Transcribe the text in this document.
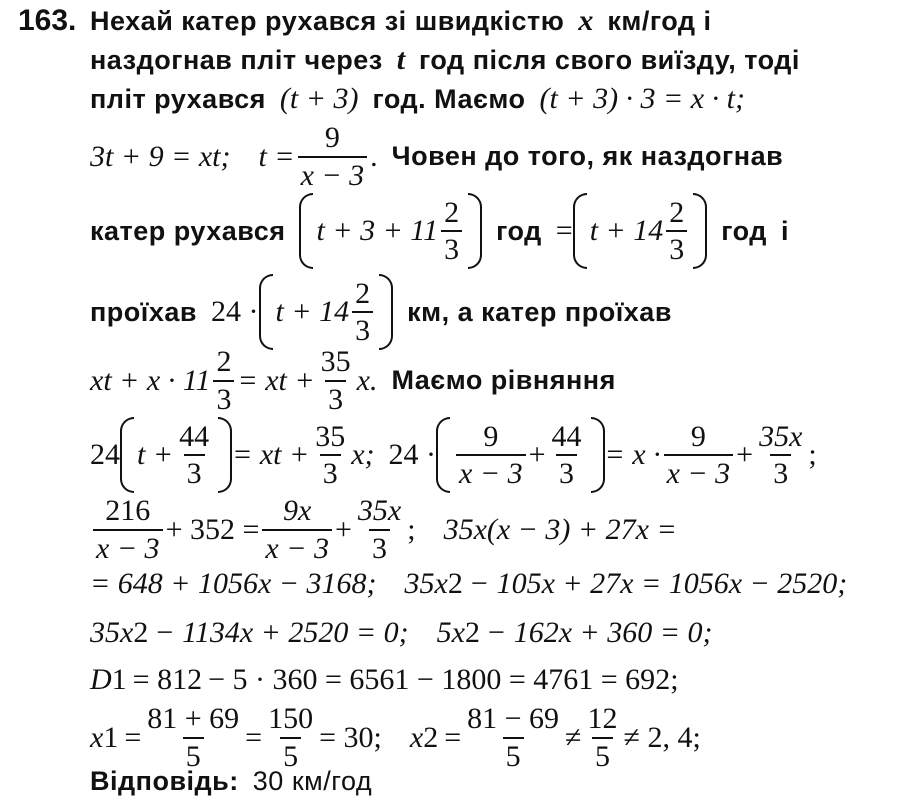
163. Нехай катер рухався зі швидкістю x км/год і
наздогнав пліт через t год після свого виїзду, тоді
пліт рухався (t + 3) год. Маємо (t + 3) · 3 = x · t;
3t + 9 = xt; $t = \frac{9}{x - 3}$ . Човен до того, як наздогнав
катер рухався $t + 3 + 11 \frac{2}{3}$ год = $t + 14 \frac{2}{3}$ год і
проїхав $24 \cdot t + 14 \frac{2}{3}$ км, а катер проїхав
xt + $x \cdot 11 \frac{2}{3}$ = xt + $\frac{35}{3} x$. Маємо рівняння
24 $t + \frac{44}{3}$ = xt + $\frac{35}{3} x$; $24 \cdot \frac{9}{x - 3} + \frac{44}{3} = x \cdot \frac{9}{x - 3} + \frac{35x}{3}$ ;
$\frac{216}{x - 3} + 352 = \frac{9x}{x - 3} + \frac{35x}{3}$ ; 35x(x − 3) + 27x =
= 648 + 1056x − 3168; 35x 2 − 105x + 27x = 1056x − 2520;
35x 2 − 1134x + 2520 = 0; 5x 2 − 162x + 360 = 0;
D 1 = 81 2 − 5 · 360 = 6561 − 1800 = 4761 = 69 2 ;
x $1 = \frac{81 + 69}{5} = \frac{150}{5} = 30$; x $2 = \frac{81 - 69}{5} \ne \frac{12}{5} \ne 2$, 4;
Відповідь: 30 км/год
